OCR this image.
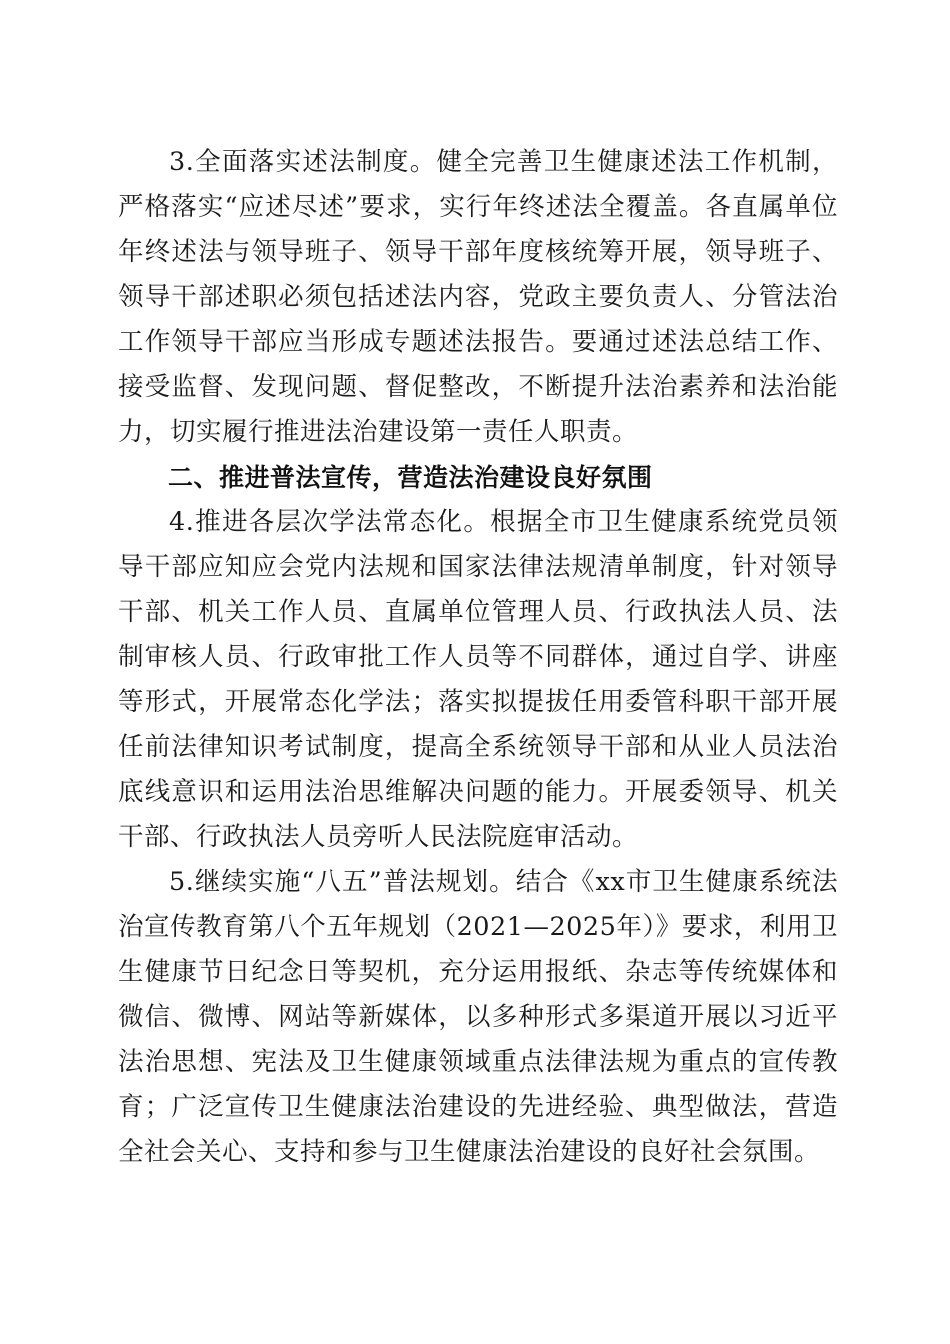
3.全面落实述法制度。健全完善卫生健康述法工作机制，严格落实“应述尽述”要求，实行年终述法全覆盖。各直属单位年终述法与领导班子、领导干部年度核统筹开展，领导班子、领导干部述职必须包括述法内容，党政主要负责人、分管法治工作领导干部应当形成专题述法报告。要通过述法总结工作、接受监督、发现问题、督促整改，不断提升法治素养和法治能力，切实履行推进法治建设第一责任人职责。

二、推进普法宣传，营造法治建设良好氛围

4.推进各层次学法常态化。根据全市卫生健康系统党员领导干部应知应会党内法规和国家法律法规清单制度，针对领导干部、机关工作人员、直属单位管理人员、行政执法人员、法制审核人员、行政审批工作人员等不同群体，通过自学、讲座等形式，开展常态化学法；落实拟提拔任用委管科职干部开展任前法律知识考试制度，提高全系统领导干部和从业人员法治底线意识和运用法治思维解决问题的能力。开展委领导、机关干部、行政执法人员旁听人民法院庭审活动。

5.继续实施“八五”普法规划。结合《xx市卫生健康系统法治宣传教育第八个五年规划（2021—2025年）》要求，利用卫生健康节日纪念日等契机，充分运用报纸、杂志等传统媒体和微信、微博、网站等新媒体，以多种形式多渠道开展以习近平法治思想、宪法及卫生健康领域重点法律法规为重点的宣传教育；广泛宣传卫生健康法治建设的先进经验、典型做法，营造全社会关心、支持和参与卫生健康法治建设的良好社会氛围。
